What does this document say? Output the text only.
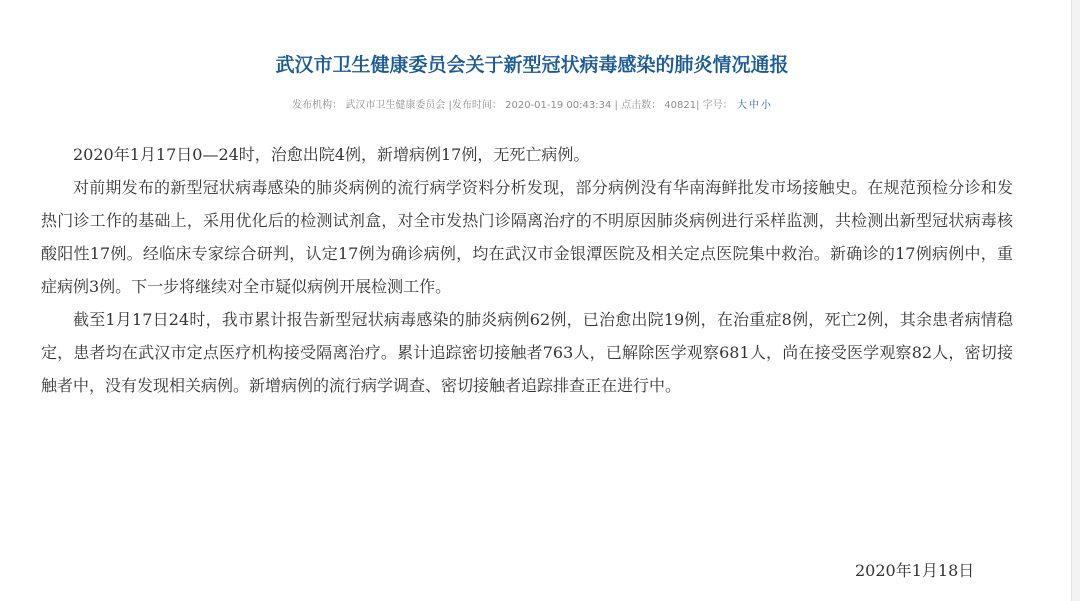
武汉市卫生健康委员会关于新型冠状病毒感染的肺炎情况通报
发布机构： 武汉市卫生健康委员会 |发布时间： 2020-01-19 00:43:34 | 点击数： 40821| 字号： 大 中 小

2020年1月17日0—24时，治愈出院4例，新增病例17例，无死亡病例。

对前期发布的新型冠状病毒感染的肺炎病例的流行病学资料分析发现，部分病例没有华南海鲜批发市场接触史。在规范预检分诊和发热门诊工作的基础上，采用优化后的检测试剂盒，对全市发热门诊隔离治疗的不明原因肺炎病例进行采样监测，共检测出新型冠状病毒核酸阳性17例。经临床专家综合研判，认定17例为确诊病例，均在武汉市金银潭医院及相关定点医院集中救治。新确诊的17例病例中，重症病例3例。下一步将继续对全市疑似病例开展检测工作。

截至1月17日24时，我市累计报告新型冠状病毒感染的肺炎病例62例，已治愈出院19例，在治重症8例，死亡2例，其余患者病情稳定，患者均在武汉市定点医疗机构接受隔离治疗。累计追踪密切接触者763人，已解除医学观察681人，尚在接受医学观察82人，密切接触者中，没有发现相关病例。新增病例的流行病学调查、密切接触者追踪排查正在进行中。

2020年1月18日
